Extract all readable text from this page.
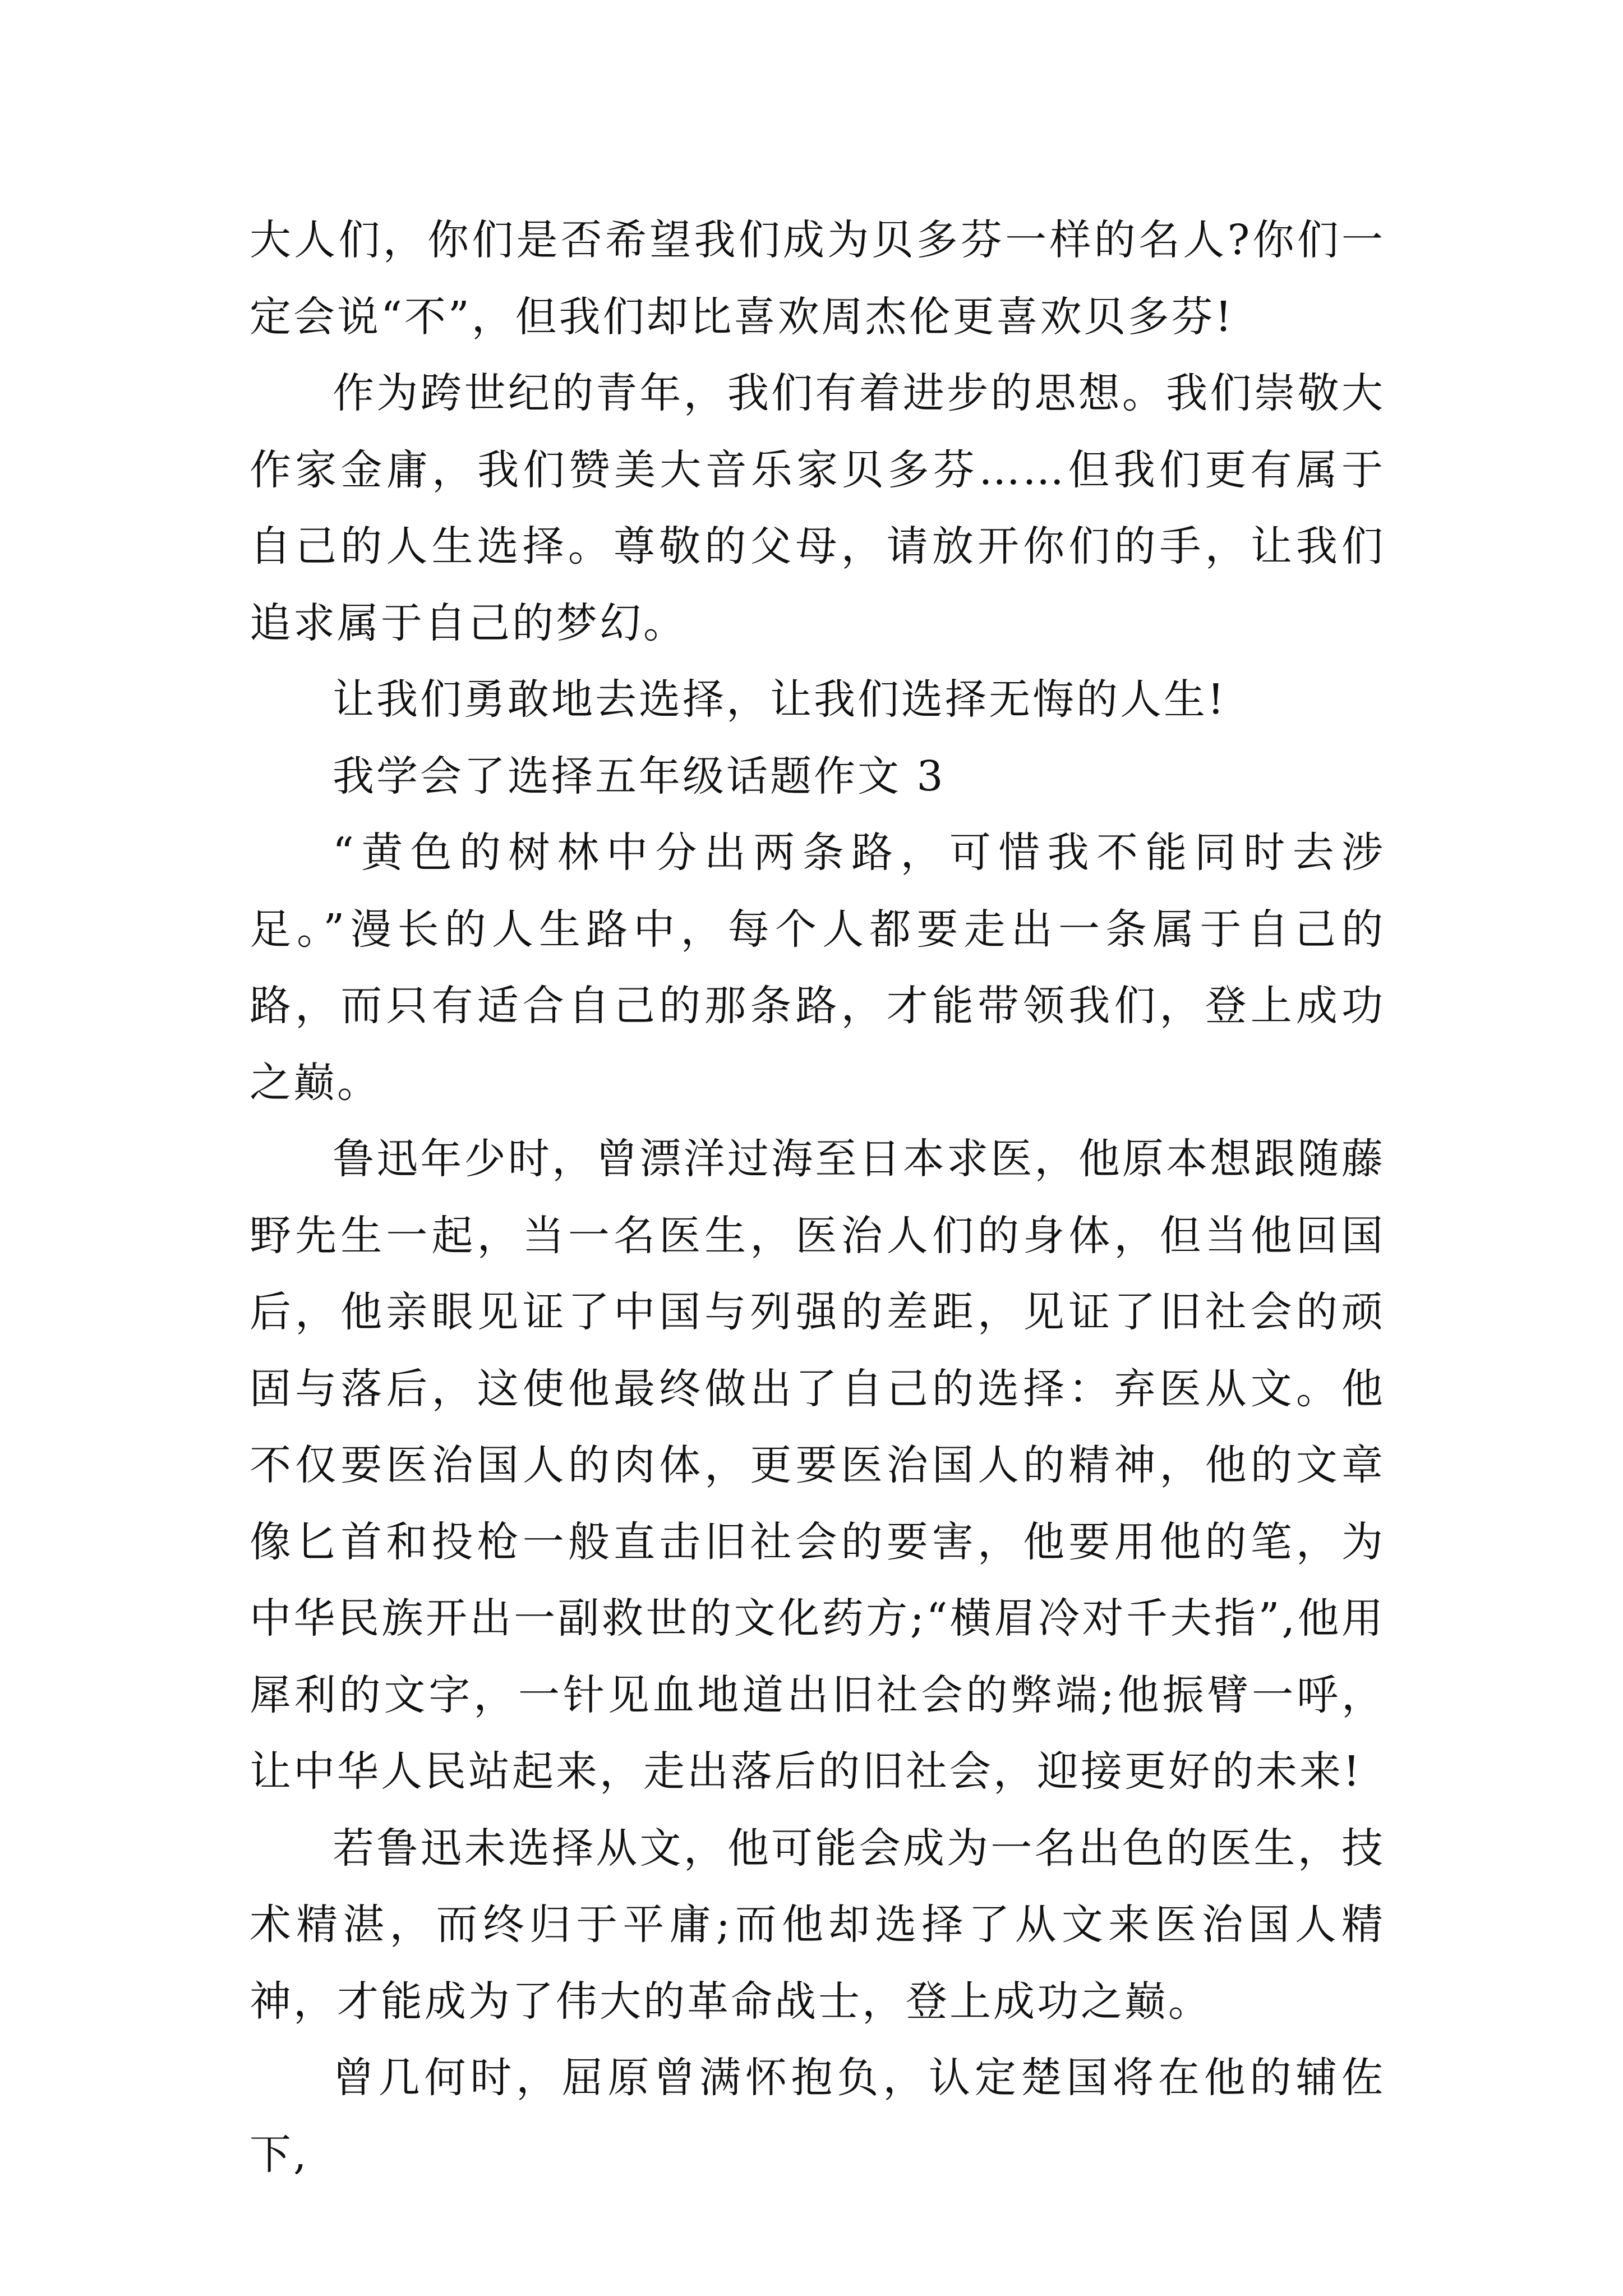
大人们，你们是否希望我们成为贝多芬一样的名人?你们一定会说“不”，但我们却比喜欢周杰伦更喜欢贝多芬!

作为跨世纪的青年，我们有着进步的思想。我们崇敬大作家金庸，我们赞美大音乐家贝多芬……但我们更有属于自己的人生选择。尊敬的父母，请放开你们的手，让我们追求属于自己的梦幻。

让我们勇敢地去选择，让我们选择无悔的人生!

我学会了选择五年级话题作文 3

“黄色的树林中分出两条路，可惜我不能同时去涉足。”漫长的人生路中，每个人都要走出一条属于自己的路，而只有适合自己的那条路，才能带领我们，登上成功之巅。

鲁迅年少时，曾漂洋过海至日本求医，他原本想跟随藤野先生一起，当一名医生，医治人们的身体，但当他回国后，他亲眼见证了中国与列强的差距，见证了旧社会的顽固与落后，这使他最终做出了自己的选择：弃医从文。他不仅要医治国人的肉体，更要医治国人的精神，他的文章像匕首和投枪一般直击旧社会的要害，他要用他的笔，为中华民族开出一副救世的文化药方;“横眉冷对千夫指”,他用犀利的文字，一针见血地道出旧社会的弊端;他振臂一呼，让中华人民站起来，走出落后的旧社会，迎接更好的未来!

若鲁迅未选择从文，他可能会成为一名出色的医生，技术精湛，而终归于平庸;而他却选择了从文来医治国人精神，才能成为了伟大的革命战士，登上成功之巅。

曾几何时，屈原曾满怀抱负，认定楚国将在他的辅佐下,
